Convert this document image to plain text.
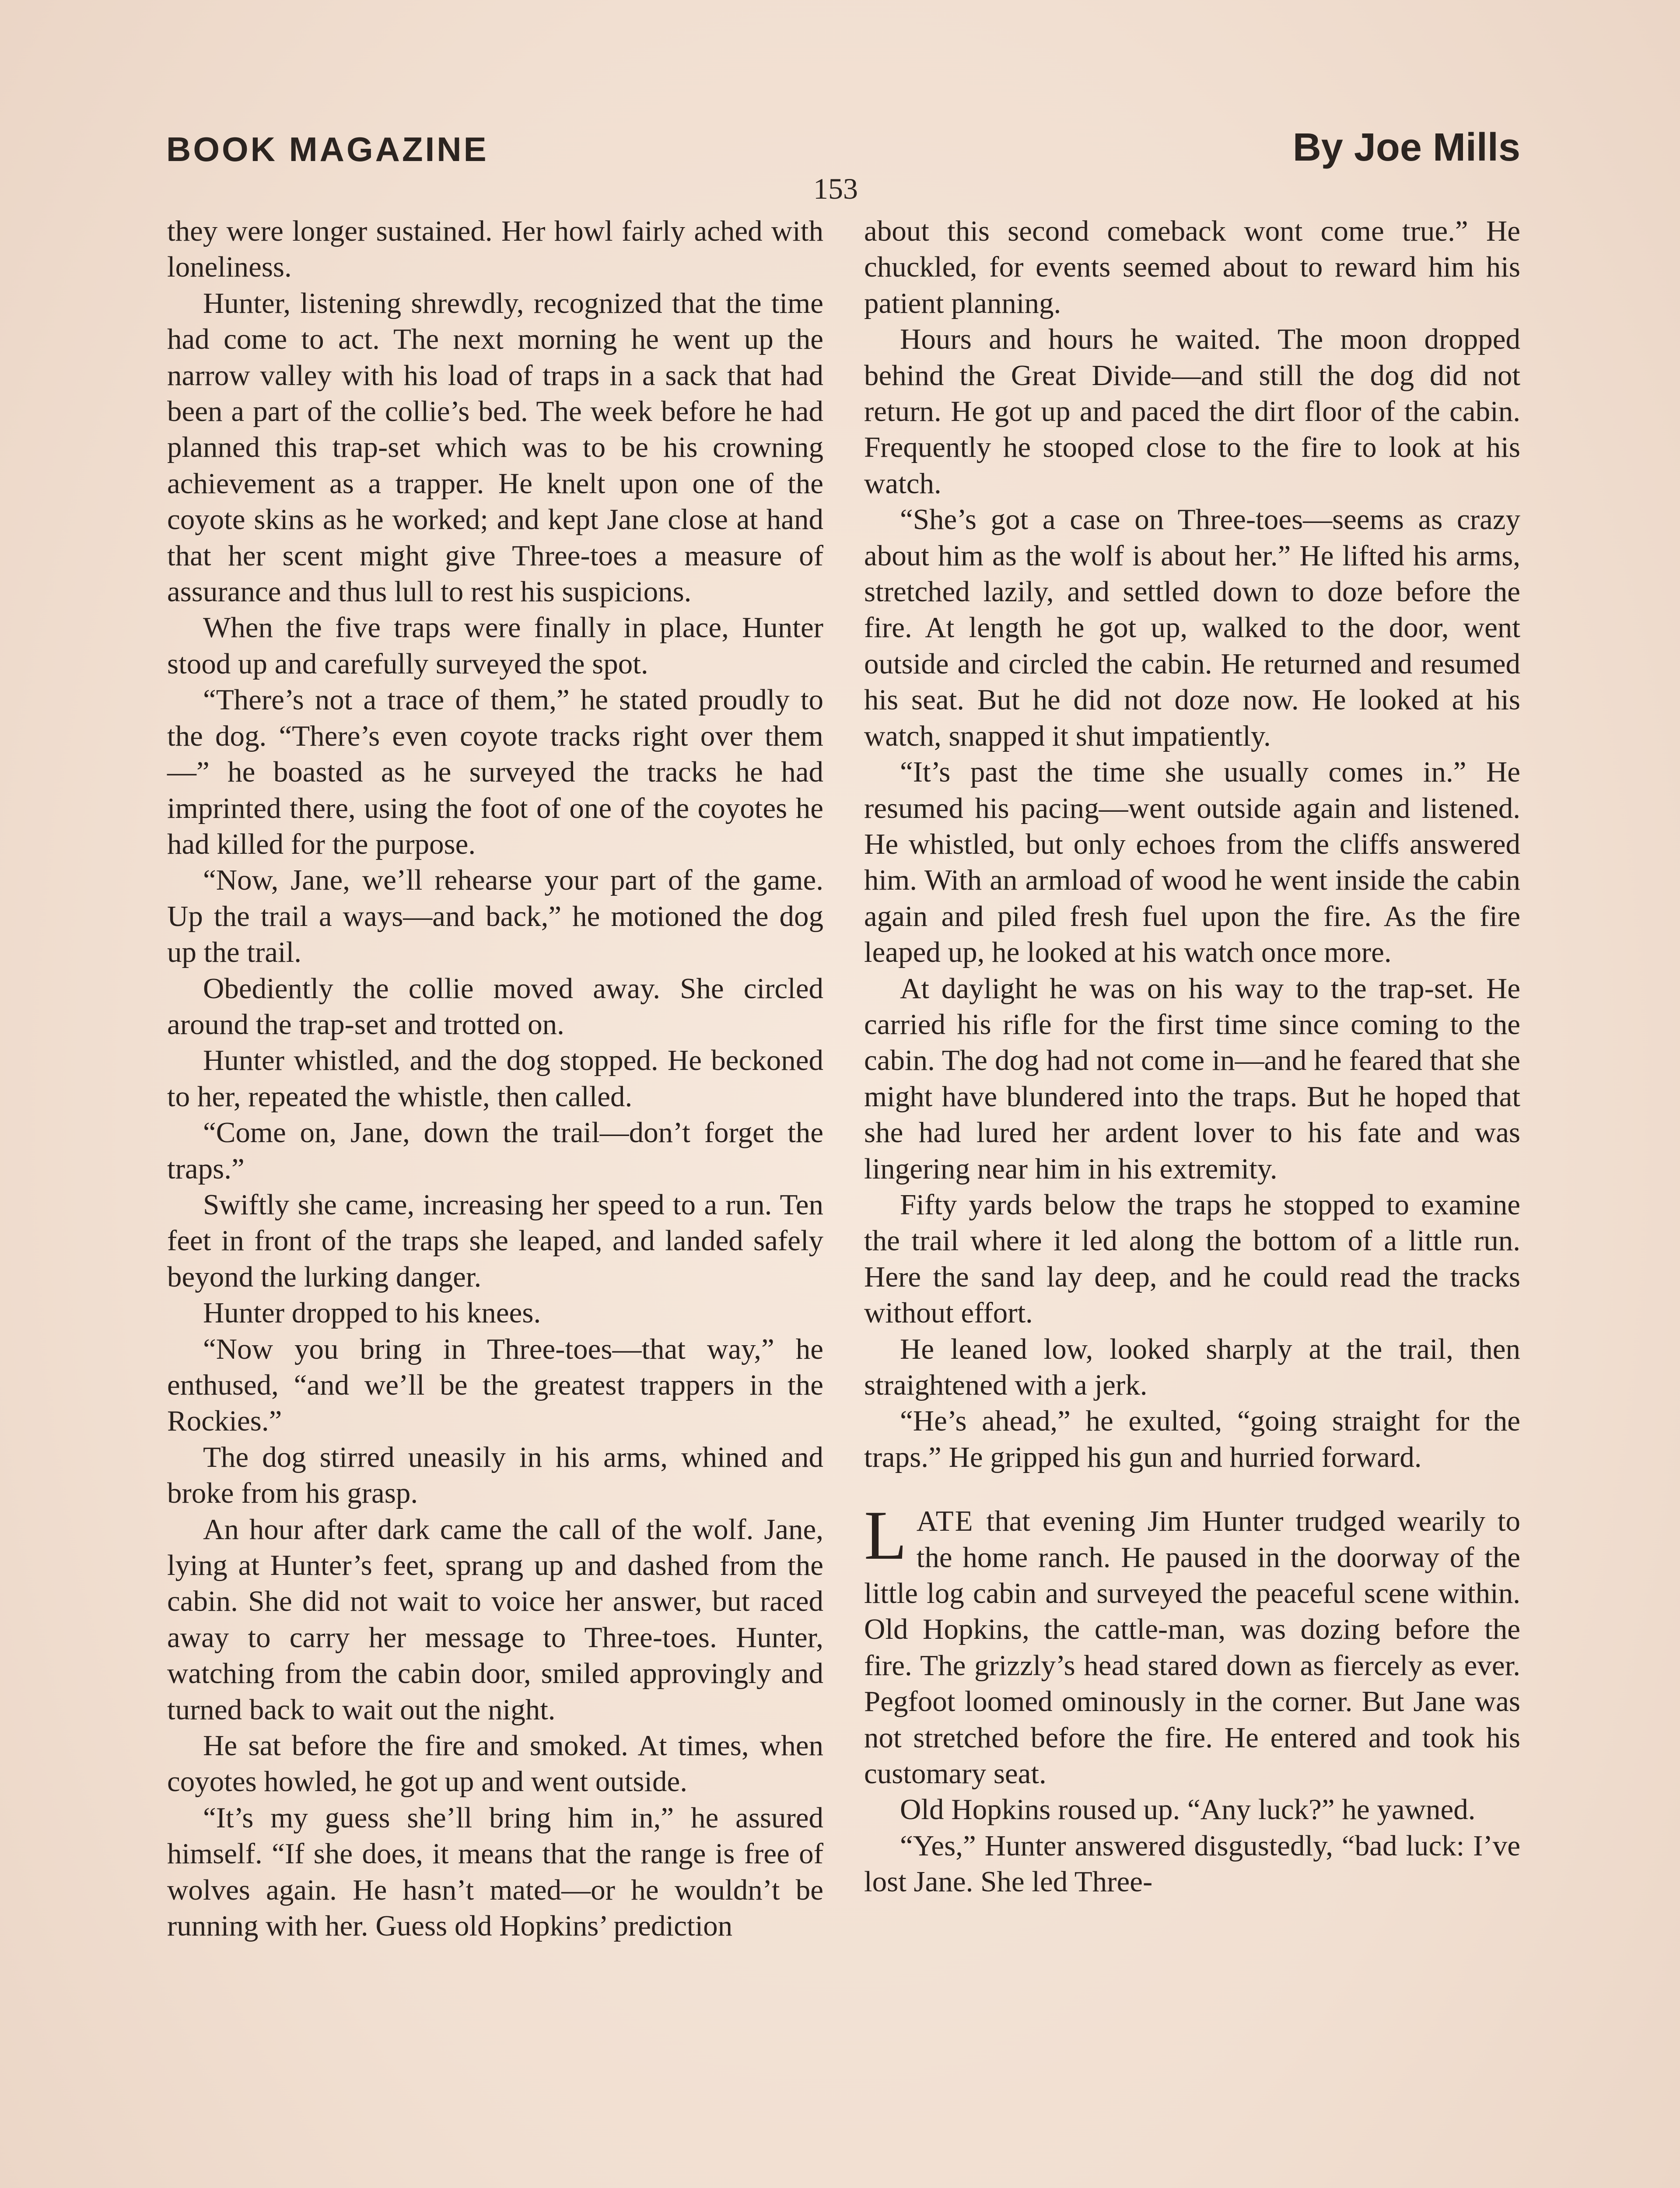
BOOK MAGAZINE	By Joe Mills
153

they were longer sustained. Her howl fairly ached with loneliness.

Hunter, listening shrewdly, recognized that the time had come to act. The next morning he went up the narrow valley with his load of traps in a sack that had been a part of the collie’s bed. The week before he had planned this trap-set which was to be his crowning achievement as a trapper. He knelt upon one of the coyote skins as he worked; and kept Jane close at hand that her scent might give Three-toes a measure of assurance and thus lull to rest his suspicions.

When the five traps were finally in place, Hunter stood up and carefully surveyed the spot.

“There’s not a trace of them,” he stated proudly to the dog. “There’s even coyote tracks right over them—” he boasted as he surveyed the tracks he had imprinted there, using the foot of one of the coyotes he had killed for the purpose.

“Now, Jane, we’ll rehearse your part of the game. Up the trail a ways—and back,” he motioned the dog up the trail.

Obediently the collie moved away. She circled around the trap-set and trotted on.

Hunter whistled, and the dog stopped. He beckoned to her, repeated the whistle, then called.

“Come on, Jane, down the trail—don’t forget the traps.”

Swiftly she came, increasing her speed to a run. Ten feet in front of the traps she leaped, and landed safely beyond the lurking danger.

Hunter dropped to his knees.

“Now you bring in Three-toes—that way,” he enthused, “and we’ll be the greatest trappers in the Rockies.”

The dog stirred uneasily in his arms, whined and broke from his grasp.

An hour after dark came the call of the wolf. Jane, lying at Hunter’s feet, sprang up and dashed from the cabin. She did not wait to voice her answer, but raced away to carry her message to Three-toes. Hunter, watching from the cabin door, smiled approvingly and turned back to wait out the night.

He sat before the fire and smoked. At times, when coyotes howled, he got up and went outside.

“It’s my guess she’ll bring him in,” he assured himself. “If she does, it means that the range is free of wolves again. He hasn’t mated—or he wouldn’t be running with her. Guess old Hopkins’ prediction

about this second comeback wont come true.” He chuckled, for events seemed about to reward him his patient planning.

Hours and hours he waited. The moon dropped behind the Great Divide—and still the dog did not return. He got up and paced the dirt floor of the cabin. Frequently he stooped close to the fire to look at his watch.

“She’s got a case on Three-toes—seems as crazy about him as the wolf is about her.” He lifted his arms, stretched lazily, and settled down to doze before the fire. At length he got up, walked to the door, went outside and circled the cabin. He returned and resumed his seat. But he did not doze now. He looked at his watch, snapped it shut impatiently.

“It’s past the time she usually comes in.” He resumed his pacing—went outside again and listened. He whistled, but only echoes from the cliffs answered him. With an armload of wood he went inside the cabin again and piled fresh fuel upon the fire. As the fire leaped up, he looked at his watch once more.

At daylight he was on his way to the trap-set. He carried his rifle for the first time since coming to the cabin. The dog had not come in—and he feared that she might have blundered into the traps. But he hoped that she had lured her ardent lover to his fate and was lingering near him in his extremity.

Fifty yards below the traps he stopped to examine the trail where it led along the bottom of a little run. Here the sand lay deep, and he could read the tracks without effort.

He leaned low, looked sharply at the trail, then straightened with a jerk.

“He’s ahead,” he exulted, “going straight for the traps.” He gripped his gun and hurried forward.

LATE that evening Jim Hunter trudged wearily to the home ranch. He paused in the doorway of the little log cabin and surveyed the peaceful scene within. Old Hopkins, the cattle-man, was dozing before the fire. The grizzly’s head stared down as fiercely as ever. Pegfoot loomed ominously in the corner. But Jane was not stretched before the fire. He entered and took his customary seat.

Old Hopkins roused up. “Any luck?” he yawned.

“Yes,” Hunter answered disgustedly, “bad luck: I’ve lost Jane. She led Three-
